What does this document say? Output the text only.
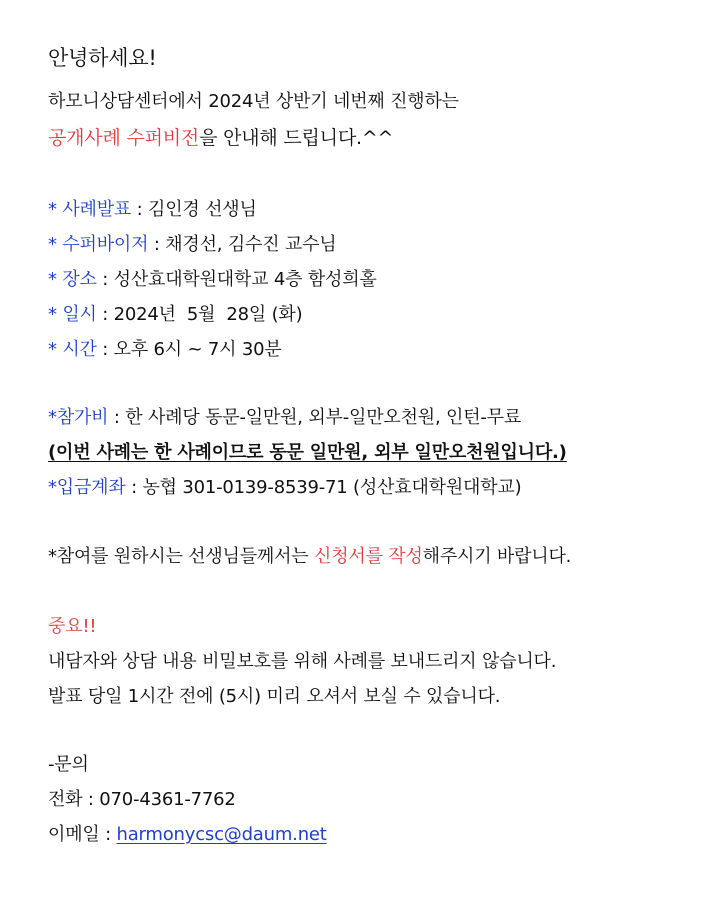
안녕하세요!
하모니상담센터에서 2024년 상반기 네번째 진행하는
공개사례 수퍼비전을 안내해 드립니다.^^
* 사례발표 : 김인경 선생님
* 수퍼바이저 : 채경선, 김수진 교수님
* 장소 : 성산효대학원대학교 4층 함성희홀
* 일시 : 2024년  5월  28일 (화)
* 시간 : 오후 6시 ~ 7시 30분
*참가비 : 한 사례당 동문-일만원, 외부-일만오천원, 인턴-무료
(이번 사례는 한 사례이므로 동문 일만원, 외부 일만오천원입니다.)
*입금계좌 : 농협 301-0139-8539-71 (성산효대학원대학교)
*참여를 원하시는 선생님들께서는 신청서를 작성해주시기 바랍니다.
중요!!
내담자와 상담 내용 비밀보호를 위해 사례를 보내드리지 않습니다.
발표 당일 1시간 전에 (5시) 미리 오셔서 보실 수 있습니다.
-문의
전화 : 070-4361-7762
이메일 : harmonycsc@daum.net
